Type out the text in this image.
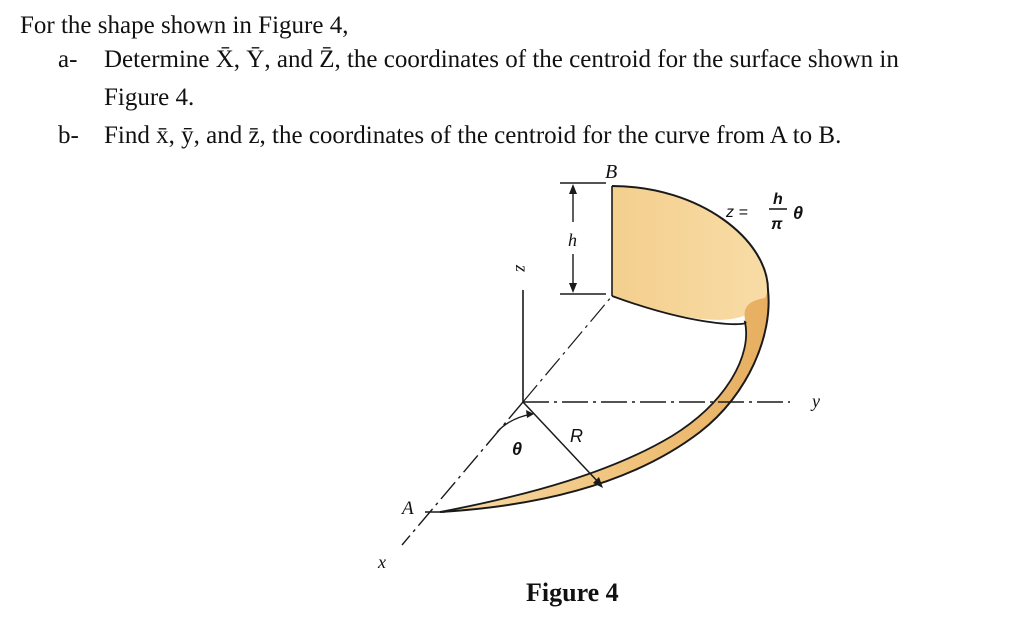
For the shape shown in Figure 4,
a- Determine X̄, Ȳ, and Z̄, the coordinates of the centroid for the surface shown in
Figure 4.
b- Find x̄, ȳ, and z̄, the coordinates of the centroid for the curve from A to B.
B
h
z
y
x
A
R
θ
z =
h
π
θ
Figure 4
